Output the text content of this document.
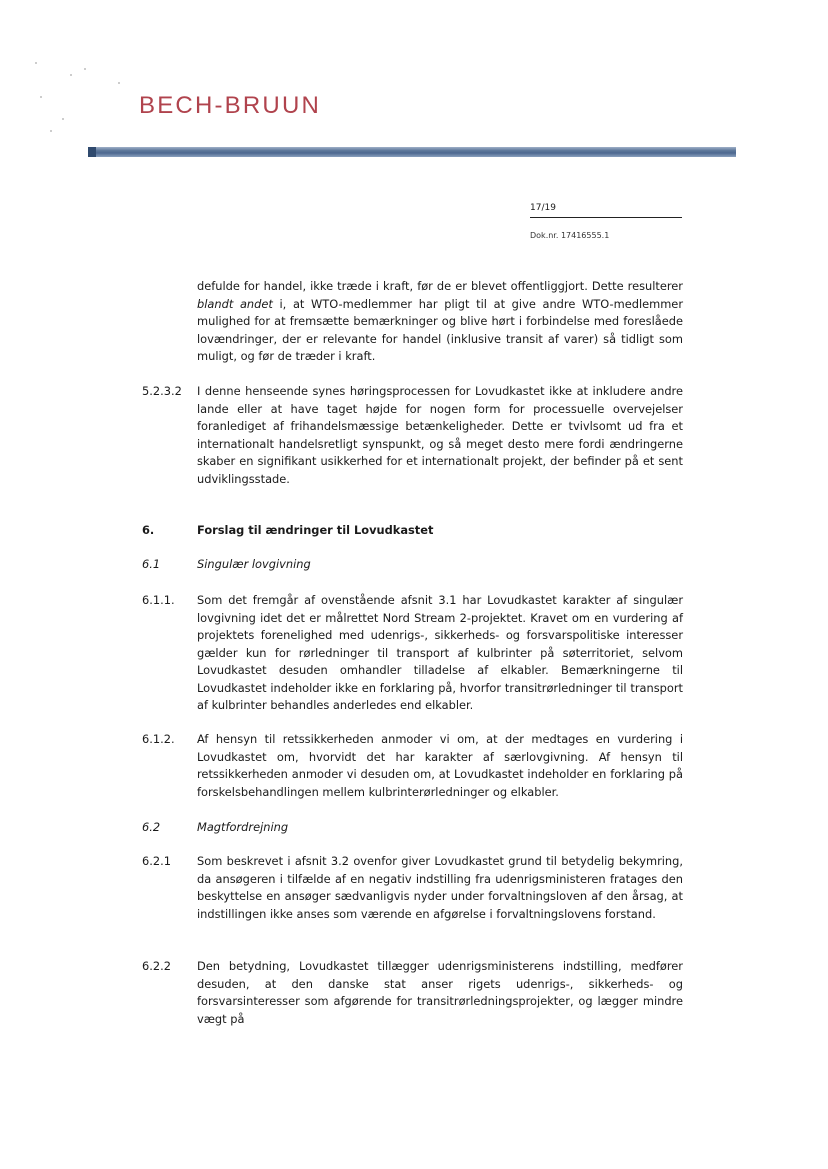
BECH-BRUUN
17/19
Dok.nr. 17416555.1

defulde for handel, ikke træde i kraft, før de er blevet offentliggjort. Dette resulterer blandt andet i, at WTO-medlemmer har pligt til at give andre WTO-medlemmer mulighed for at fremsætte bemærkninger og blive hørt i forbindelse med foreslåede lovændringer, der er relevante for handel (inklusive transit af varer) så tidligt som muligt, og før de træder i kraft.

5.2.3.2 I denne henseende synes høringsprocessen for Lovudkastet ikke at inkludere andre lande eller at have taget højde for nogen form for processuelle overvejelser foranlediget af frihandelsmæssige betænkeligheder. Dette er tvivlsomt ud fra et internationalt handelsretligt synspunkt, og så meget desto mere fordi ændringerne skaber en signifikant usikkerhed for et internationalt projekt, der befinder på et sent udviklingsstade.
6.	Forslag til ændringer til Lovudkastet
6.1	Singulær lovgivning
6.1.1. Som det fremgår af ovenstående afsnit 3.1 har Lovudkastet karakter af singulær lovgivning idet det er målrettet Nord Stream 2-projektet. Kravet om en vurdering af projektets forenelighed med udenrigs-, sikkerheds- og forsvarspolitiske interesser gælder kun for rørledninger til transport af kulbrinter på søterritoriet, selvom Lovudkastet desuden omhandler tilladelse af elkabler. Bemærkningerne til Lovudkastet indeholder ikke en forklaring på, hvorfor transitrørledninger til transport af kulbrinter behandles anderledes end elkabler.
6.1.2. Af hensyn til retssikkerheden anmoder vi om, at der medtages en vurdering i Lovudkastet om, hvorvidt det har karakter af særlovgivning. Af hensyn til retssikkerheden anmoder vi desuden om, at Lovudkastet indeholder en forklaring på forskelsbehandlingen mellem kulbrinterørledninger og elkabler.
6.2	Magtfordrejning
6.2.1 Som beskrevet i afsnit 3.2 ovenfor giver Lovudkastet grund til betydelig bekymring, da ansøgeren i tilfælde af en negativ indstilling fra udenrigsministeren fratages den beskyttelse en ansøger sædvanligvis nyder under forvaltningsloven af den årsag, at indstillingen ikke anses som værende en afgørelse i forvaltningslovens forstand.
6.2.2 Den betydning, Lovudkastet tillægger udenrigsministerens indstilling, medfører desuden, at den danske stat anser rigets udenrigs-, sikkerheds- og forsvarsinteresser som afgørende for transitrørledningsprojekter, og lægger mindre vægt på
